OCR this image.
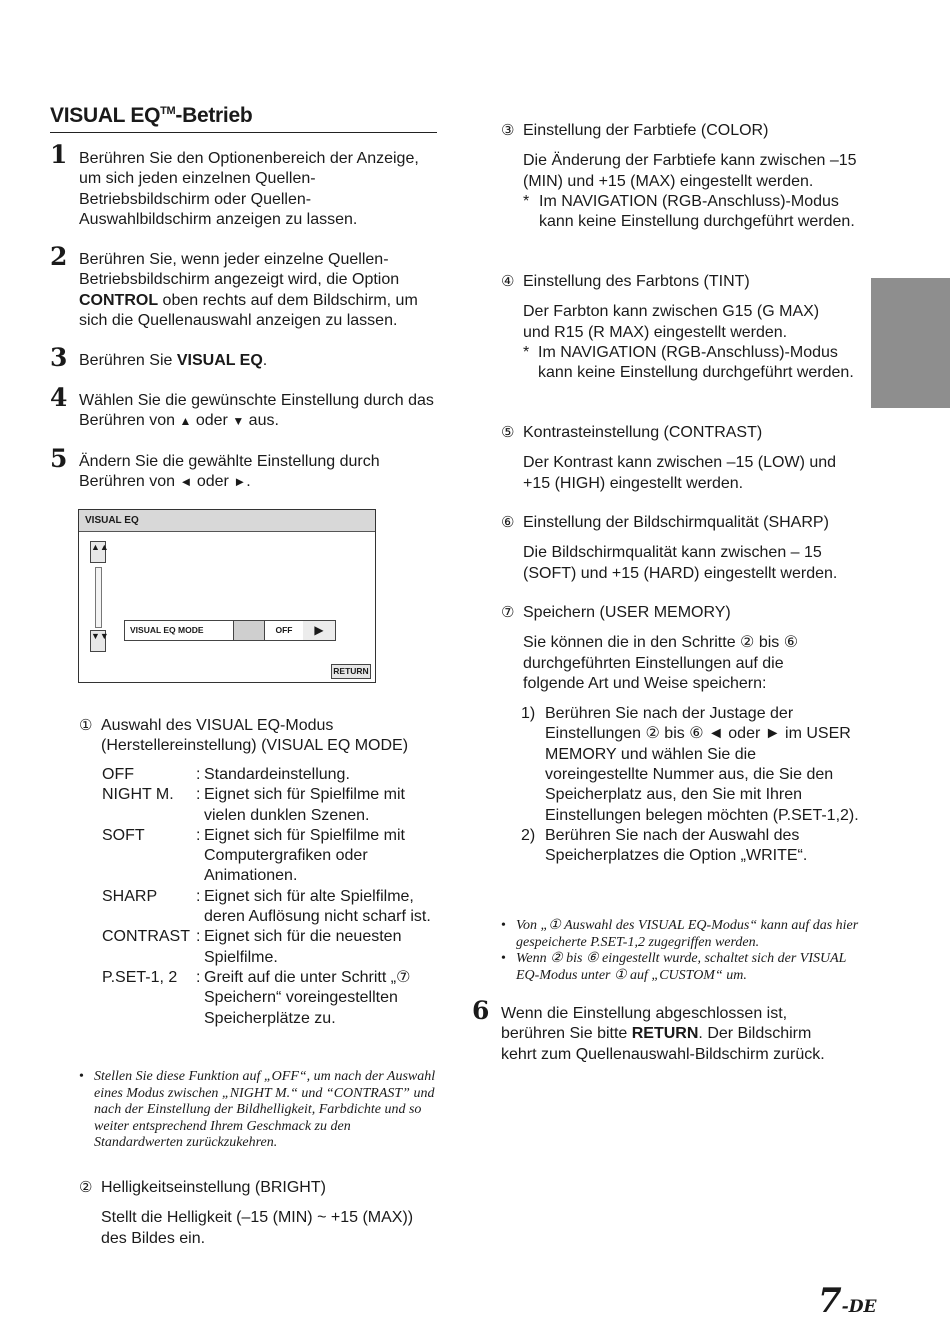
VISUAL EQ™-Betrieb
1 Berühren Sie den Optionenbereich der Anzeige, um sich jeden einzelnen Quellen-Betriebsbildschirm oder Quellen-Auswahlbildschirm anzeigen zu lassen.
2 Berühren Sie, wenn jeder einzelne Quellen-Betriebsbildschirm angezeigt wird, die Option CONTROL oben rechts auf dem Bildschirm, um sich die Quellenauswahl anzeigen zu lassen.
3 Berühren Sie VISUAL EQ.
4 Wählen Sie die gewünschte Einstellung durch das Berühren von ▲ oder ▼ aus.
5 Ändern Sie die gewählte Einstellung durch Berühren von ◄ oder ►.
VISUAL EQ
▲▲
▼▼
VISUAL EQ MODE	OFF	▶
RETURN
① Auswahl des VISUAL EQ-Modus (Herstellereinstellung) (VISUAL EQ MODE)
OFF	: Standardeinstellung.
NIGHT M.	: Eignet sich für Spielfilme mit vielen dunklen Szenen.
SOFT	: Eignet sich für Spielfilme mit Computergrafiken oder Animationen.
SHARP	: Eignet sich für alte Spielfilme, deren Auflösung nicht scharf ist.
CONTRAST : Eignet sich für die neuesten Spielfilme.
P.SET-1, 2	: Greift auf die unter Schritt „⑦ Speichern“ voreingestellten Speicherplätze zu.
• Stellen Sie diese Funktion auf „OFF“, um nach der Auswahl eines Modus zwischen „NIGHT M.“ und “CONTRAST” und nach der Einstellung der Bildhelligkeit, Farbdichte und so weiter entsprechend Ihrem Geschmack zu den Standardwerten zurückzukehren.
② Helligkeitseinstellung (BRIGHT)
Stellt die Helligkeit (–15 (MIN) ~ +15 (MAX)) des Bildes ein.
③ Einstellung der Farbtiefe (COLOR)
Die Änderung der Farbtiefe kann zwischen –15 (MIN) und +15 (MAX) eingestellt werden.
* Im NAVIGATION (RGB-Anschluss)-Modus kann keine Einstellung durchgeführt werden.
④ Einstellung des Farbtons (TINT)
Der Farbton kann zwischen G15 (G MAX) und R15 (R MAX) eingestellt werden.
* Im NAVIGATION (RGB-Anschluss)-Modus kann keine Einstellung durchgeführt werden.
⑤ Kontrasteinstellung (CONTRAST)
Der Kontrast kann zwischen –15 (LOW) und +15 (HIGH) eingestellt werden.
⑥ Einstellung der Bildschirmqualität (SHARP)
Die Bildschirmqualität kann zwischen – 15 (SOFT) und +15 (HARD) eingestellt werden.
⑦ Speichern (USER MEMORY)
Sie können die in den Schritte ② bis ⑥ durchgeführten Einstellungen auf die folgende Art und Weise speichern:
1) Berühren Sie nach der Justage der Einstellungen ② bis ⑥ ◄ oder ► im USER MEMORY und wählen Sie die voreingestellte Nummer aus, die Sie den Speicherplatz aus, den Sie mit Ihren Einstellungen belegen möchten (P.SET-1,2).
2) Berühren Sie nach der Auswahl des Speicherplatzes die Option „WRITE“.
• Von „① Auswahl des VISUAL EQ-Modus“ kann auf das hier gespeicherte P.SET-1,2 zugegriffen werden.
• Wenn ② bis ⑥ eingestellt wurde, schaltet sich der VISUAL EQ-Modus unter ① auf „CUSTOM“ um.
6 Wenn die Einstellung abgeschlossen ist, berühren Sie bitte RETURN. Der Bildschirm kehrt zum Quellenauswahl-Bildschirm zurück.
7-DE
